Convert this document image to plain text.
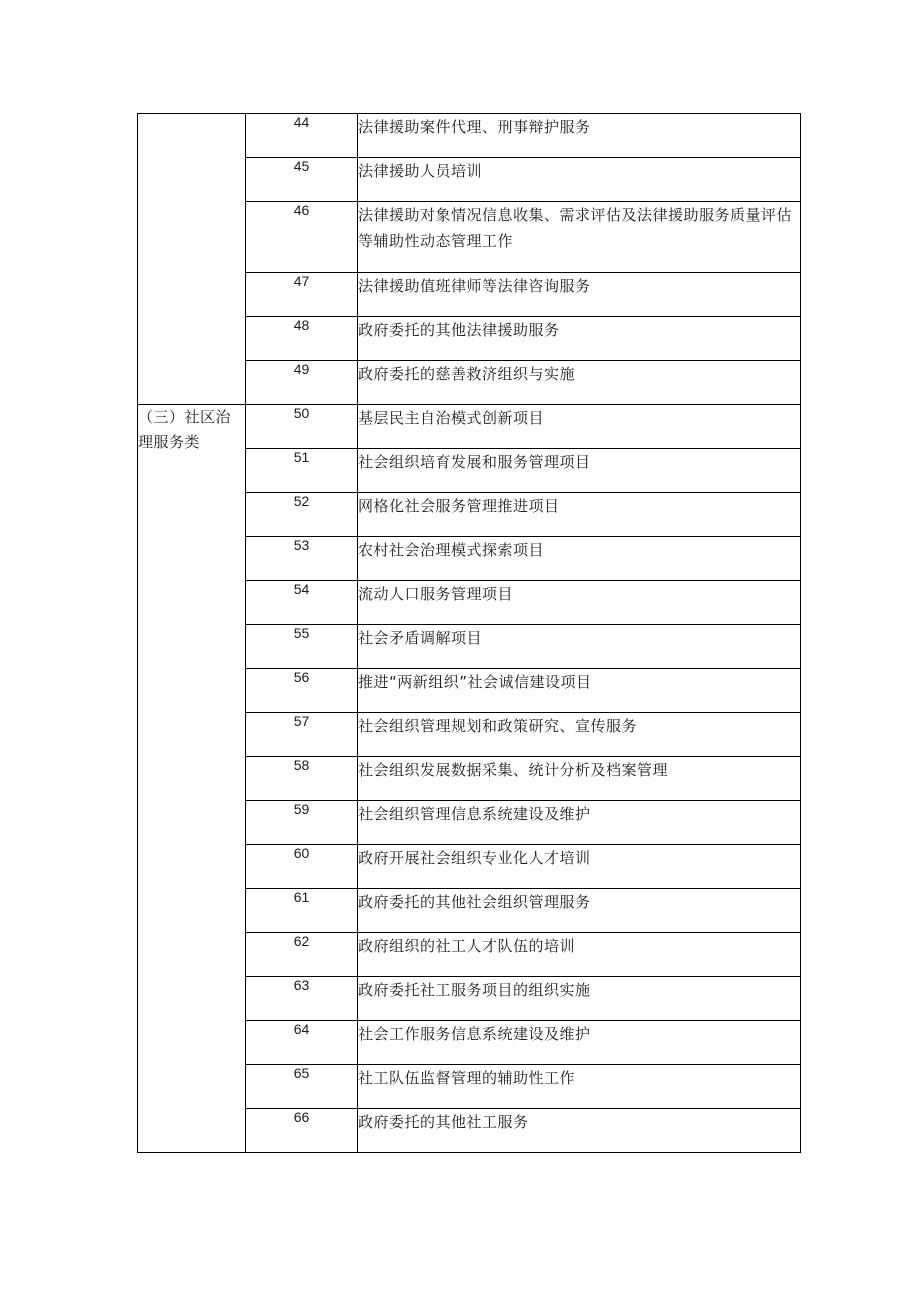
	44	法律援助案件代理、刑事辩护服务
	45	法律援助人员培训
	46	法律援助对象情况信息收集、需求评估及法律援助服务质量评估等辅助性动态管理工作
	47	法律援助值班律师等法律咨询服务
	48	政府委托的其他法律援助服务
	49	政府委托的慈善救济组织与实施
（三）社区治理服务类	50	基层民主自治模式创新项目
	51	社会组织培育发展和服务管理项目
	52	网格化社会服务管理推进项目
	53	农村社会治理模式探索项目
	54	流动人口服务管理项目
	55	社会矛盾调解项目
	56	推进“两新组织”社会诚信建设项目
	57	社会组织管理规划和政策研究、宣传服务
	58	社会组织发展数据采集、统计分析及档案管理
	59	社会组织管理信息系统建设及维护
	60	政府开展社会组织专业化人才培训
	61	政府委托的其他社会组织管理服务
	62	政府组织的社工人才队伍的培训
	63	政府委托社工服务项目的组织实施
	64	社会工作服务信息系统建设及维护
	65	社工队伍监督管理的辅助性工作
	66	政府委托的其他社工服务
